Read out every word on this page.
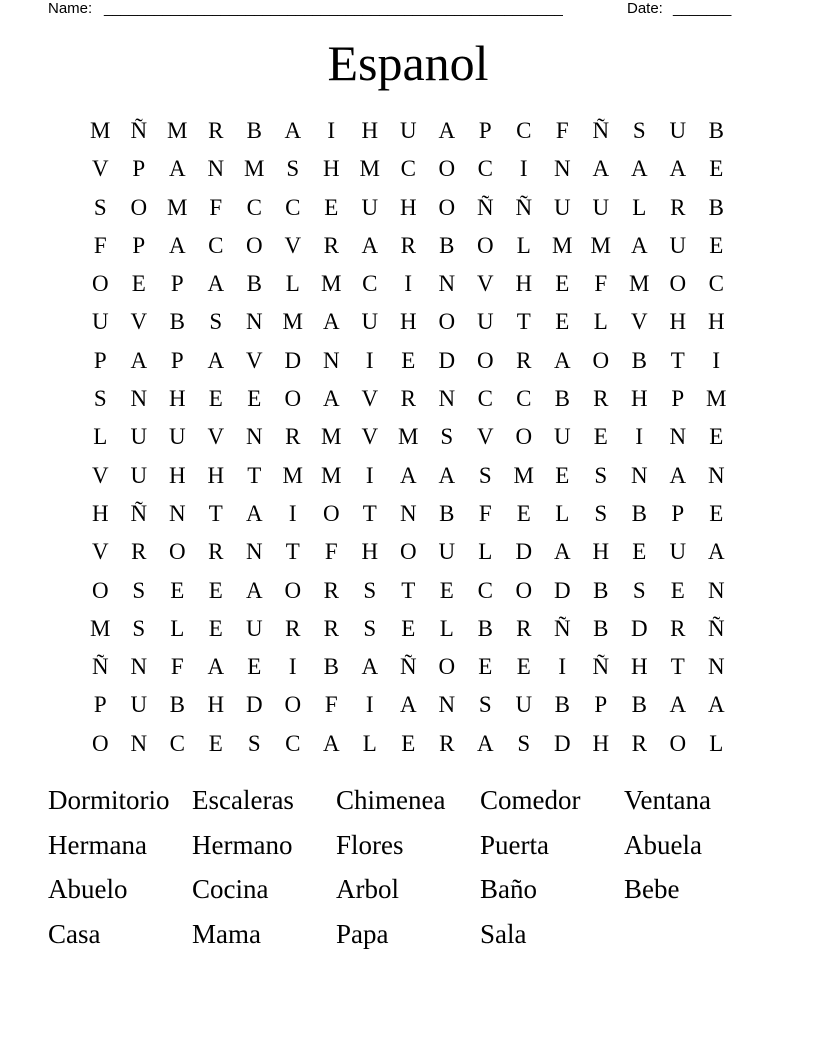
Name: _______________________________________________________	Date: _______
Espanol
M Ñ M R	B A	I	H U A	P	C	F	Ñ	S	U B
V	P	A N M S	H M C O C	I	N A A A	E
S	O M F	C	C	E	U H O Ñ Ñ U U	L	R	B
F	P	A C O V R A R	B O	L M M A U	E
O	E	P	A B	L M C	I	N V H	E	F M O C
U V B	S	N M A U H O U	T	E	L	V H H
P	A	P	A V D N	I	E	D O R A O B	T	I
S	N H	E	E	O A V R N C	C	B	R H	P M
L	U U V N R M V M S	V O U	E	I	N	E
V U H H	T M M	I	A A	S M E	S	N A N
H Ñ N	T	A	I	O	T	N B	F	E	L	S	B	P	E
V R O R N	T	F	H O U	L	D A H	E	U A
O	S	E	E	A O R	S	T	E	C O D B	S	E	N
M S	L	E	U R	R	S	E	L	B	R Ñ B D R Ñ
Ñ N	F	A	E	I	B A Ñ O	E	E	I	Ñ H	T	N
P	U B H D O	F	I	A N	S	U B	P	B A A
O N C	E	S	C A	L	E	R A	S	D H R O	L
Dormitorio Escaleras	Chimenea	Comedor	Ventana
Hermana	Hermano	Flores	Puerta	Abuela
Abuelo	Cocina	Arbol	Baño	Bebe
Casa	Mama	Papa	Sala
